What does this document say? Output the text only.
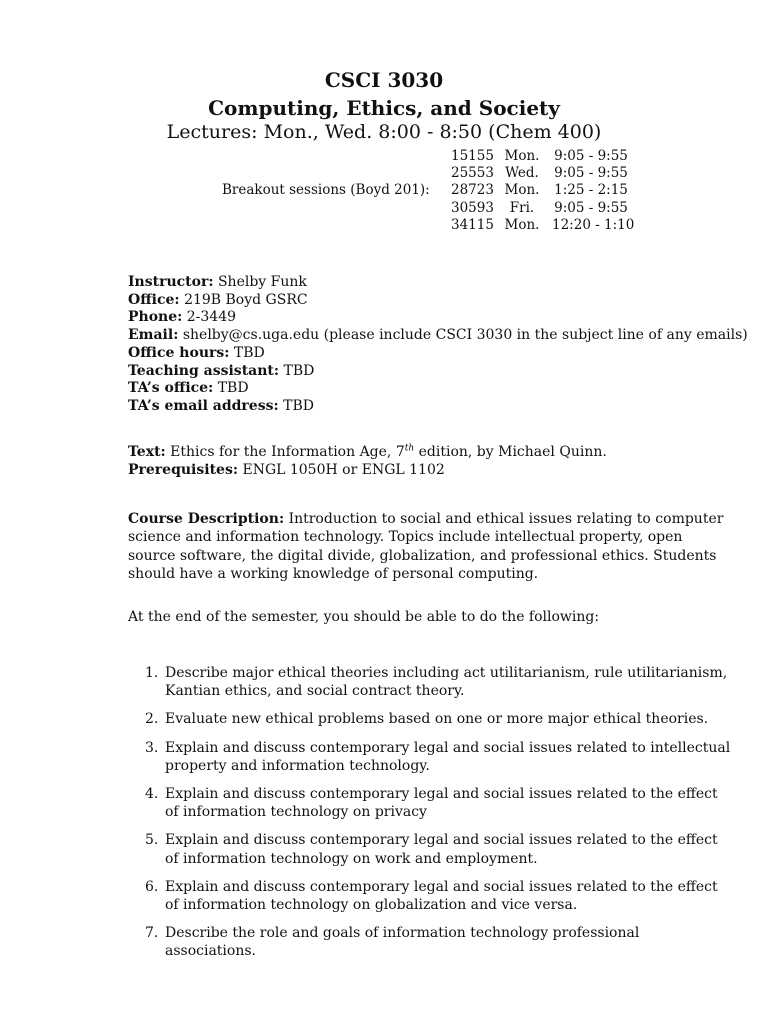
CSCI 3030
Computing, Ethics, and Society
Lectures: Mon., Wed. 8:00 - 8:50 (Chem 400)
Breakout sessions (Boyd 201):
15155 Mon. 9:05 - 9:55
25553 Wed. 9:05 - 9:55
28723 Mon. 1:25 - 2:15
30593	Fri.	9:05 - 9:55
34115 Mon. 12:20 - 1:10
Instructor: Shelby Funk
Office: 219B Boyd GSRC
Phone: 2-3449
Email: shelby@cs.uga.edu (please include CSCI 3030 in the subject line of any emails)
Office hours: TBD
Teaching assistant: TBD
TA’s office: TBD
TA’s email address: TBD
Text: Ethics for the Information Age, 7th edition, by Michael Quinn.
Prerequisites: ENGL 1050H or ENGL 1102
Course Description: Introduction to social and ethical issues relating to computer science and information technology. Topics include intellectual property, open source software, the digital divide, globalization, and professional ethics. Students should have a working knowledge of personal computing.
At the end of the semester, you should be able to do the following:
1. Describe major ethical theories including act utilitarianism, rule utilitarianism, Kantian ethics, and social contract theory.
2. Evaluate new ethical problems based on one or more major ethical theories.
3. Explain and discuss contemporary legal and social issues related to intellectual property and information technology.
4. Explain and discuss contemporary legal and social issues related to the effect of information technology on privacy
5. Explain and discuss contemporary legal and social issues related to the effect of information technology on work and employment.
6. Explain and discuss contemporary legal and social issues related to the effect of information technology on globalization and vice versa.
7. Describe the role and goals of information technology professional associations.
